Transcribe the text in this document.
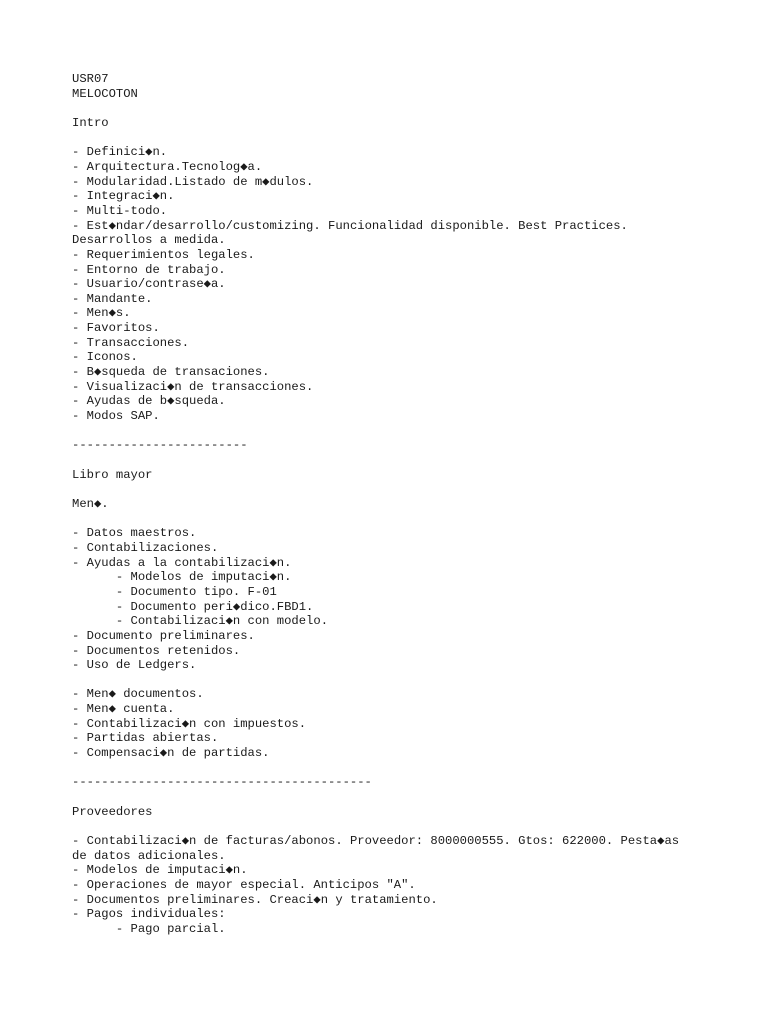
USR07
MELOCOTON
Intro
- Definici◆n.
- Arquitectura.Tecnolog◆a.
- Modularidad.Listado de m◆dulos.
- Integraci◆n.
- Multi-todo.
- Est◆ndar/desarrollo/customizing. Funcionalidad disponible. Best Practices.
Desarrollos a medida.
- Requerimientos legales.
- Entorno de trabajo.
- Usuario/contrase◆a.
- Mandante.
- Men◆s.
- Favoritos.
- Transacciones.
- Iconos.
- B◆squeda de transaciones.
- Visualizaci◆n de transacciones.
- Ayudas de b◆squeda.
- Modos SAP.
------------------------
Libro mayor
Men◆.
- Datos maestros.
- Contabilizaciones.
- Ayudas a la contabilizaci◆n.
- Modelos de imputaci◆n.
- Documento tipo. F-01
- Documento peri◆dico.FBD1.
- Contabilizaci◆n con modelo.
- Documento preliminares.
- Documentos retenidos.
- Uso de Ledgers.
- Men◆ documentos.
- Men◆ cuenta.
- Contabilizaci◆n con impuestos.
- Partidas abiertas.
- Compensaci◆n de partidas.
-----------------------------------------
Proveedores
- Contabilizaci◆n de facturas/abonos. Proveedor: 8000000555. Gtos: 622000. Pesta◆as
de datos adicionales.
- Modelos de imputaci◆n.
- Operaciones de mayor especial. Anticipos "A".
- Documentos preliminares. Creaci◆n y tratamiento.
- Pagos individuales:
- Pago parcial.
